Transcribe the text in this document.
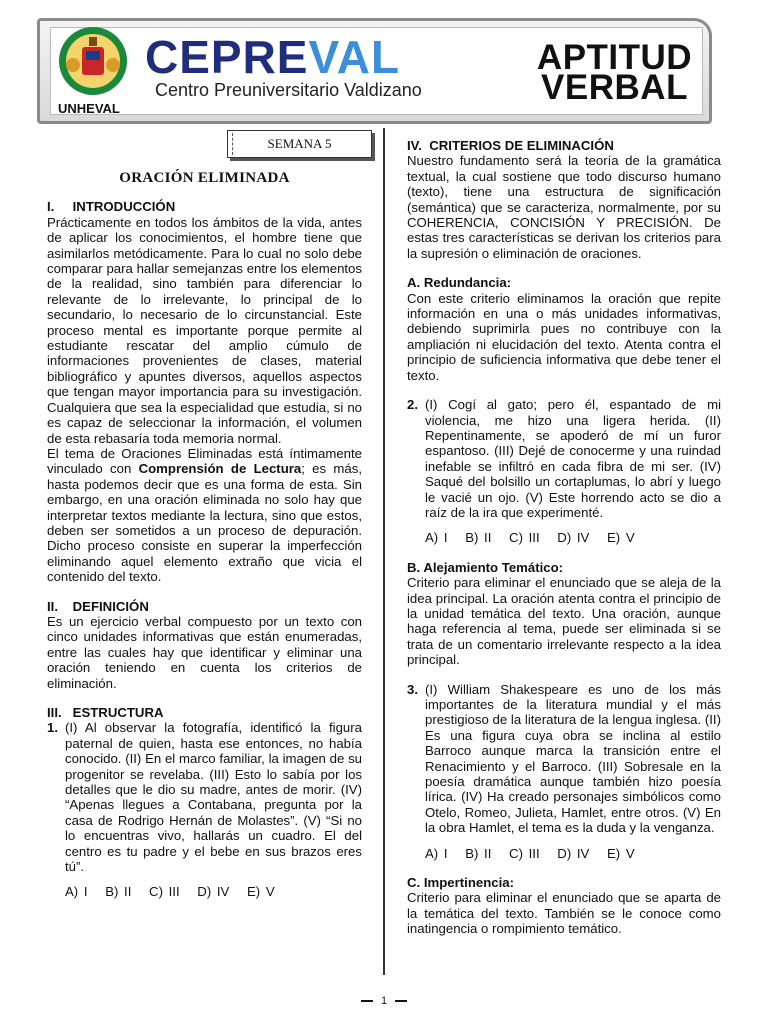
UNHEVAL
CEPREVAL
Centro Preuniversitario Valdizano
APTITUD
VERBAL
SEMANA 5
ORACIÓN ELIMINADA

I.     INTRODUCCIÓN

Prácticamente en todos los ámbitos de la vida, antes de aplicar los conocimientos, el hombre tiene que asimilarlos metódicamente. Para lo cual no solo debe comparar para hallar semejanzas entre los elementos de la realidad, sino también para diferenciar lo relevante de lo irrelevante, lo principal de lo secundario, lo necesario de lo circunstancial. Este proceso mental es importante porque permite al estudiante rescatar del amplio cúmulo de informaciones provenientes de clases, material bibliográfico y apuntes diversos, aquellos aspectos que tengan mayor importancia para su investigación. Cualquiera que sea la especialidad que estudia, si no es capaz de seleccionar la información, el volumen de esta rebasaría toda memoria normal.

El tema de Oraciones Eliminadas está íntimamente vinculado con Comprensión de Lectura; es más, hasta podemos decir que es una forma de esta. Sin embargo, en una oración eliminada no solo hay que interpretar textos mediante la lectura, sino que estos, deben ser sometidos a un proceso de depuración. Dicho proceso consiste en superar la imperfección eliminando aquel elemento extraño que vicia el contenido del texto.

II.    DEFINICIÓN

Es un ejercicio verbal compuesto por un texto con cinco unidades informativas que están enumeradas, entre las cuales hay que identificar y eliminar una oración teniendo en cuenta los criterios de eliminación.

III.   ESTRUCTURA

1. (I) Al observar la fotografía, identificó la figura paternal de quien, hasta ese entonces, no había conocido. (II) En el marco familiar, la imagen de su progenitor se revelaba. (III) Esto lo sabía por los detalles que le dio su madre, antes de morir. (IV) “Apenas llegues a Contabana, pregunta por la casa de Rodrigo Hernán de Molastes”. (V) “Si no lo encuentras vivo, hallarás un cuadro. El del centro es tu padre y el bebe en sus brazos eres tú”.

A) I B) II C) III D) IV E) V

IV.  CRITERIOS DE ELIMINACIÓN

Nuestro fundamento será la teoría de la gramática textual, la cual sostiene que todo discurso humano (texto), tiene una estructura de significación (semántica) que se caracteriza, normalmente, por su COHERENCIA, CONCISIÓN Y PRECISIÓN. De estas tres características se derivan los criterios para la supresión o eliminación de oraciones.

A. Redundancia:

Con este criterio eliminamos la oración que repite información en una o más unidades informativas, debiendo suprimirla pues no contribuye con la ampliación ni elucidación del texto. Atenta contra el principio de suficiencia informativa que debe tener el texto.

2. (I) Cogí al gato; pero él, espantado de mi violencia, me hizo una ligera herida. (II) Repentinamente, se apoderó de mí un furor espantoso. (III) Dejé de conocerme y una ruindad inefable se infiltró en cada fibra de mi ser. (IV) Saqué del bolsillo un cortaplumas, lo abrí y luego le vacié un ojo. (V) Este horrendo acto se dio a raíz de la ira que experimenté.

A) I B) II C) III D) IV E) V

B. Alejamiento Temático:

Criterio para eliminar el enunciado que se aleja de la idea principal. La oración atenta contra el principio de la unidad temática del texto. Una oración, aunque haga referencia al tema, puede ser eliminada si se trata de un comentario irrelevante respecto a la idea principal.

3. (I) William Shakespeare es uno de los más importantes de la literatura mundial y el más prestigioso de la literatura de la lengua inglesa. (II) Es una figura cuya obra se inclina al estilo Barroco aunque marca la transición entre el Renacimiento y el Barroco. (III) Sobresale en la poesía dramática aunque también hizo poesía lírica. (IV) Ha creado personajes simbólicos como Otelo, Romeo, Julieta, Hamlet, entre otros. (V) En la obra Hamlet, el tema es la duda y la venganza.

A) I B) II C) III D) IV E) V

C. Impertinencia:

Criterio para eliminar el enunciado que se aparta de la temática del texto. También se le conoce como inatingencia o rompimiento temático.

1
